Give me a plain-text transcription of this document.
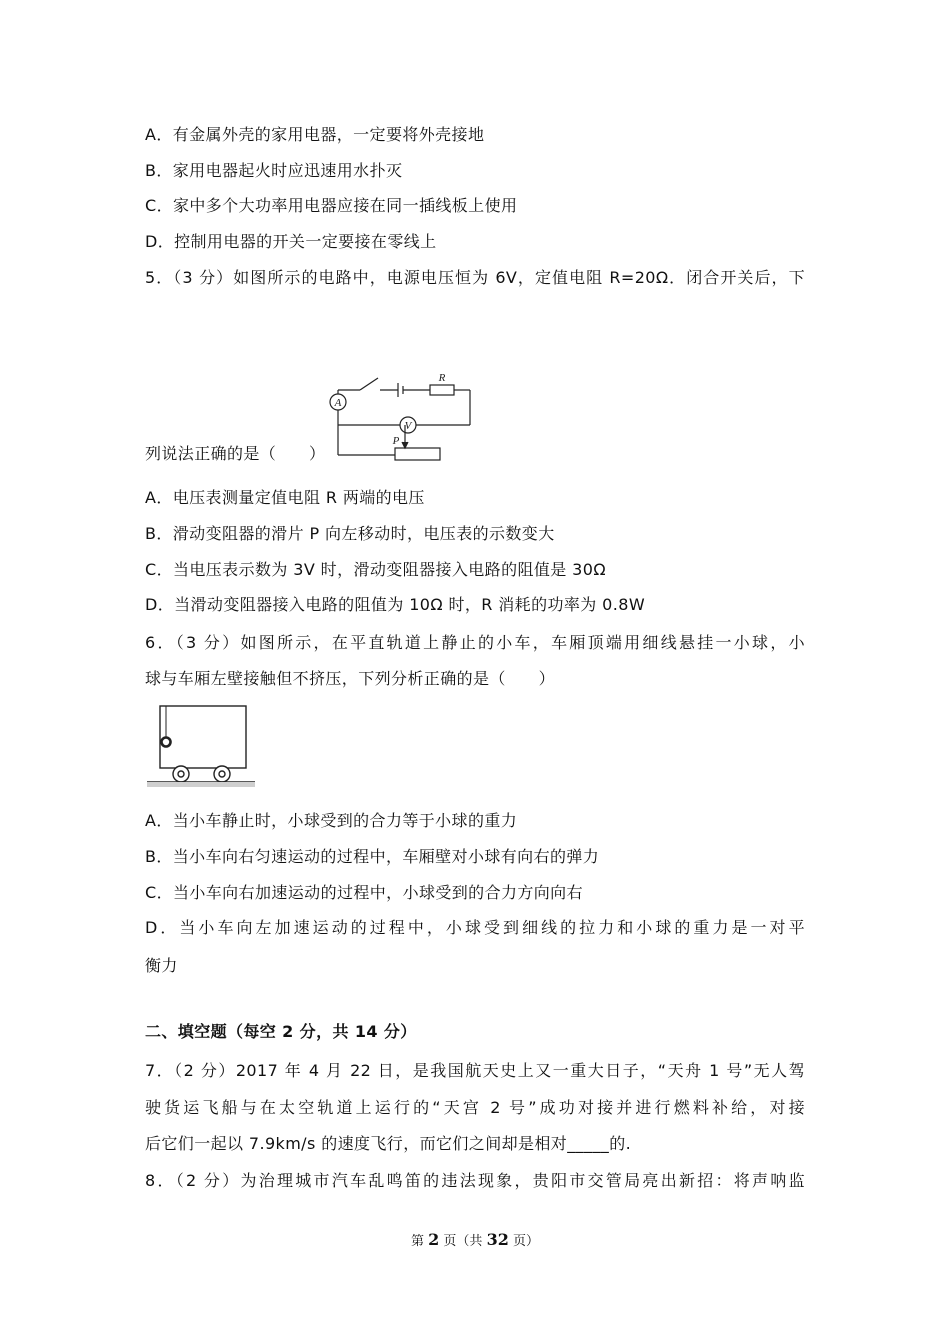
A．有金属外壳的家用电器，一定要将外壳接地
B．家用电器起火时应迅速用水扑灭
C．家中多个大功率用电器应接在同一插线板上使用
D．控制用电器的开关一定要接在零线上
5．（3 分）如图所示的电路中，电源电压恒为 6V，定值电阻 R=20Ω．闭合开关后，下
A
V
R
P
列说法正确的是（　　）
A．电压表测量定值电阻 R 两端的电压
B．滑动变阻器的滑片 P 向左移动时，电压表的示数变大
C．当电压表示数为 3V 时，滑动变阻器接入电路的阻值是 30Ω
D．当滑动变阻器接入电路的阻值为 10Ω 时，R 消耗的功率为 0.8W
6．（3 分）如图所示，在平直轨道上静止的小车，车厢顶端用细线悬挂一小球，小
球与车厢左壁接触但不挤压，下列分析正确的是（　　）
A．当小车静止时，小球受到的合力等于小球的重力
B．当小车向右匀速运动的过程中，车厢壁对小球有向右的弹力
C．当小车向右加速运动的过程中，小球受到的合力方向向右
D．当小车向左加速运动的过程中，小球受到细线的拉力和小球的重力是一对平
衡力
二、填空题（每空 2 分，共 14 分）
7．（2 分）2017 年 4 月 22 日，是我国航天史上又一重大日子，“天舟 1 号”无人驾
驶货运飞船与在太空轨道上运行的“天宫 2 号”成功对接并进行燃料补给，对接
后它们一起以 7.9km/s 的速度飞行，而它们之间却是相对_____的.
8．（2 分）为治理城市汽车乱鸣笛的违法现象，贵阳市交管局亮出新招：将声呐监
第 2 页（共 32 页）
